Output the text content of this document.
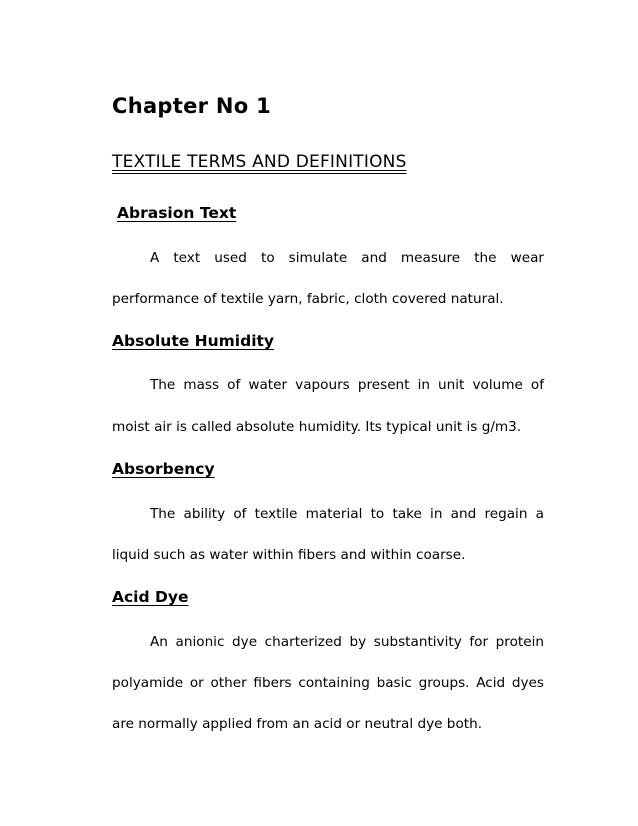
Chapter No 1
TEXTILE TERMS AND DEFINITIONS
Abrasion Text

A text used to simulate and measure the wear

performance of textile yarn, fabric, cloth covered natural.

Absolute Humidity

The mass of water vapours present in unit volume of

moist air is called absolute humidity. Its typical unit is g/m3.

Absorbency

The ability of textile material to take in and regain a

liquid such as water within fibers and within coarse.

Acid Dye

An anionic dye charterized by substantivity for protein

polyamide or other fibers containing basic groups. Acid dyes

are normally applied from an acid or neutral dye both.
